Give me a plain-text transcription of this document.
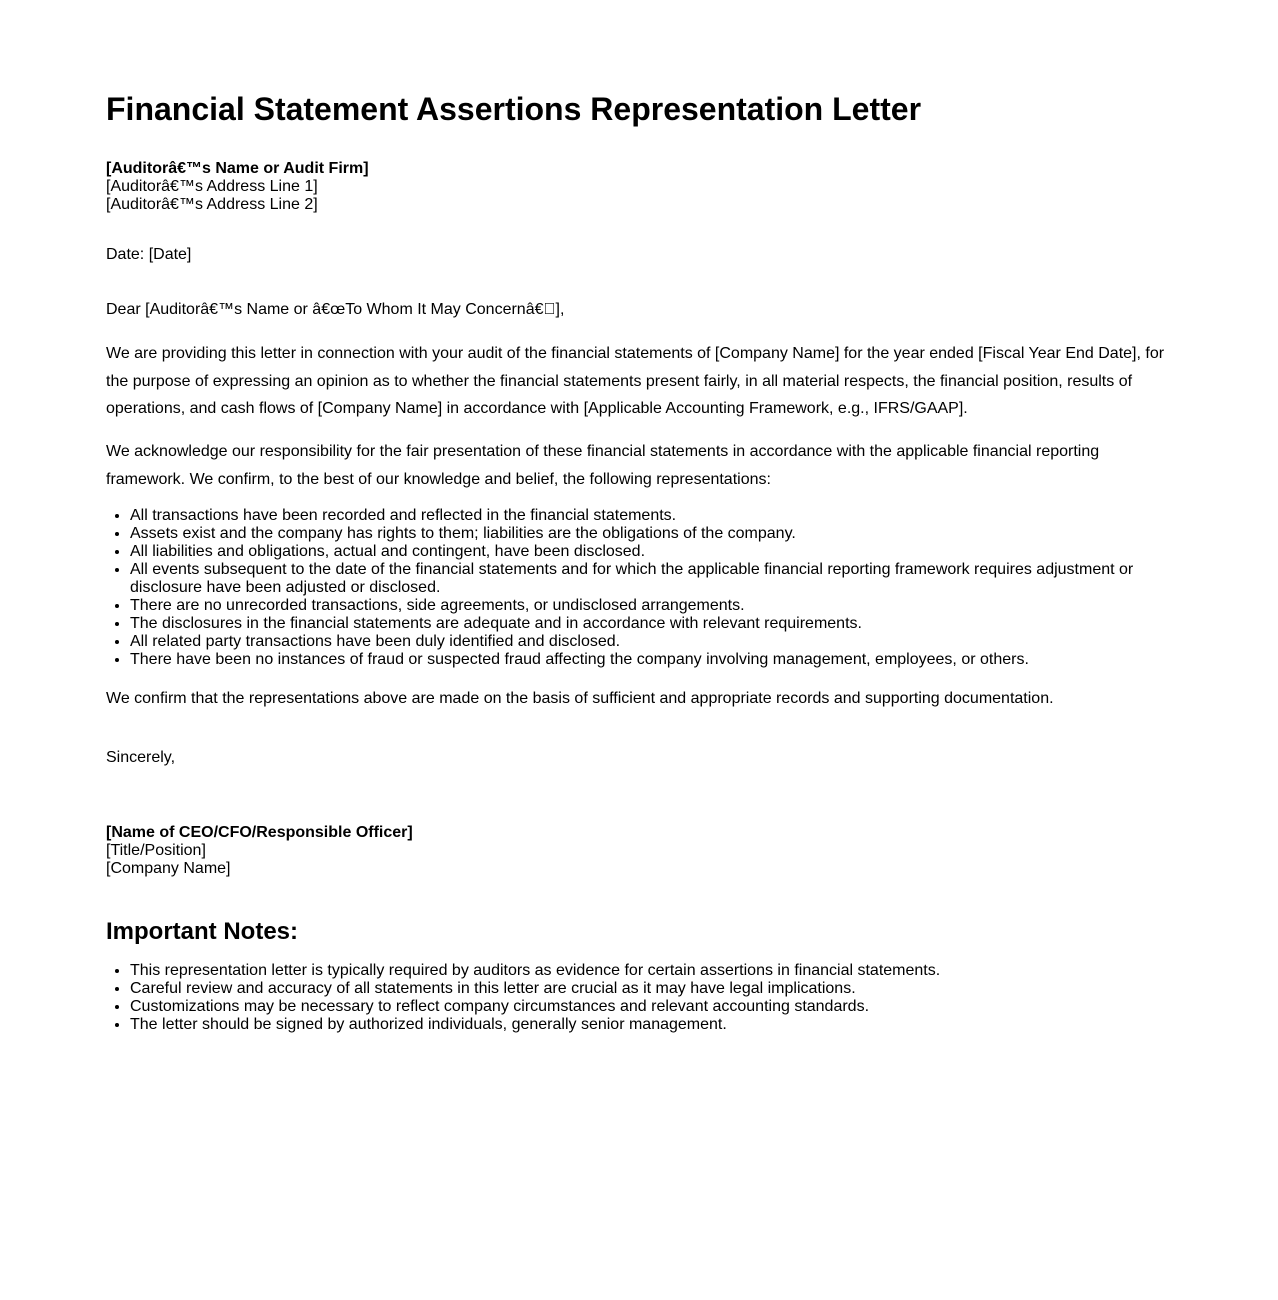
Financial Statement Assertions Representation Letter
[Auditorâ€™s Name or Audit Firm]
[Auditorâ€™s Address Line 1]
[Auditorâ€™s Address Line 2]
Date: [Date]
Dear [Auditorâ€™s Name or â€œTo Whom It May Concernâ€ ],

We are providing this letter in connection with your audit of the financial statements of [Company Name] for the year ended [Fiscal Year End Date], for the purpose of expressing an opinion as to whether the financial statements present fairly, in all material respects, the financial position, results of operations, and cash flows of [Company Name] in accordance with [Applicable Accounting Framework, e.g., IFRS/GAAP].

We acknowledge our responsibility for the fair presentation of these financial statements in accordance with the applicable financial reporting framework. We confirm, to the best of our knowledge and belief, the following representations:

• All transactions have been recorded and reflected in the financial statements.
• Assets exist and the company has rights to them; liabilities are the obligations of the company.
• All liabilities and obligations, actual and contingent, have been disclosed.
• All events subsequent to the date of the financial statements and for which the applicable financial reporting framework requires adjustment or disclosure have been adjusted or disclosed.
• There are no unrecorded transactions, side agreements, or undisclosed arrangements.
• The disclosures in the financial statements are adequate and in accordance with relevant requirements.
• All related party transactions have been duly identified and disclosed.
• There have been no instances of fraud or suspected fraud affecting the company involving management, employees, or others.
We confirm that the representations above are made on the basis of sufficient and appropriate records and supporting documentation.
Sincerely,
[Name of CEO/CFO/Responsible Officer]
[Title/Position]
[Company Name]
Important Notes:
• This representation letter is typically required by auditors as evidence for certain assertions in financial statements.
• Careful review and accuracy of all statements in this letter are crucial as it may have legal implications.
• Customizations may be necessary to reflect company circumstances and relevant accounting standards.
• The letter should be signed by authorized individuals, generally senior management.
